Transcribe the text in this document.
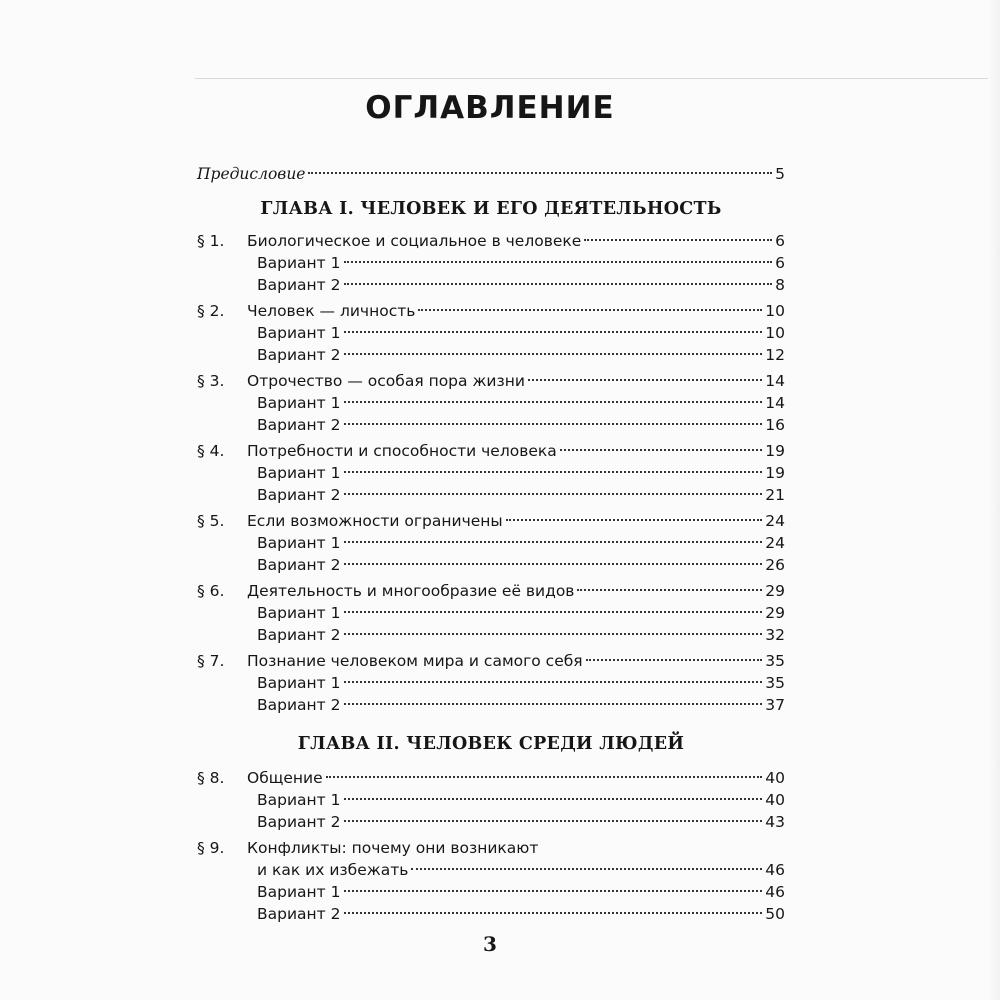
ОГЛАВЛЕНИЕ
Предисловие	5
ГЛАВА I. ЧЕЛОВЕК И ЕГО ДЕЯТЕЛЬНОСТЬ
§ 1.	Биологическое и социальное в человеке	6
Вариант 1	6
Вариант 2	8
§ 2.	Человек — личность	10
Вариант 1	10
Вариант 2	12
§ 3.	Отрочество — особая пора жизни	14
Вариант 1	14
Вариант 2	16
§ 4.	Потребности и способности человека	19
Вариант 1	19
Вариант 2	21
§ 5.	Если возможности ограничены	24
Вариант 1	24
Вариант 2	26
§ 6.	Деятельность и многообразие её видов	29
Вариант 1	29
Вариант 2	32
§ 7.	Познание человеком мира и самого себя	35
Вариант 1	35
Вариант 2	37
ГЛАВА II. ЧЕЛОВЕК СРЕДИ ЛЮДЕЙ
§ 8.	Общение	40
Вариант 1	40
Вариант 2	43
§ 9.	Конфликты: почему они возникают
и как их избежать	46
Вариант 1	46
Вариант 2	50
3
